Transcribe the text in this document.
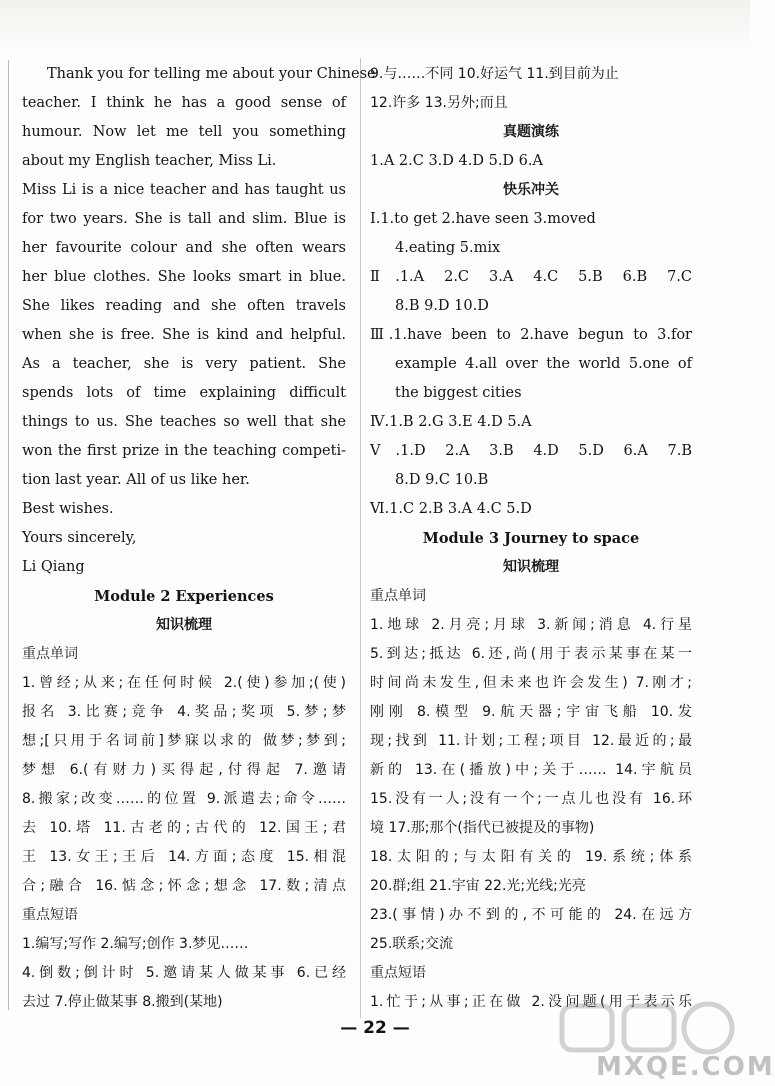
Thank you for telling me about your Chinese
teacher. I think he has a good sense of
humour. Now let me tell you something
about my English teacher, Miss Li.
Miss Li is a nice teacher and has taught us
for two years. She is tall and slim. Blue is
her favourite colour and she often wears
her blue clothes. She looks smart in blue.
She likes reading and she often travels
when she is free. She is kind and helpful.
As a teacher, she is very patient. She
spends lots of time explaining difficult
things to us. She teaches so well that she
won the first prize in the teaching competi-
tion last year. All of us like her.
Best wishes.
Yours sincerely,
Li Qiang
Module 2 Experiences
知识梳理
重点单词
1.曾经;从来;在任何时候 2.(使)参加;(使)
报名 3.比赛;竞争 4.奖品;奖项 5.梦;梦
想;[只用于名词前]梦寐以求的 做梦;梦到;
梦想 6.(有财力)买得起,付得起 7.邀请
8.搬家;改变……的位置 9.派遣去;命令……
去 10.塔 11.古老的;古代的 12.国王;君
王 13.女王;王后 14.方面;态度 15.相混
合;融合 16.惦念;怀念;想念 17.数;清点
重点短语
1.编写;写作 2.编写;创作 3.梦见……
4.倒数;倒计时 5.邀请某人做某事 6.已经
去过 7.停止做某事 8.搬到(某地)
9.与……不同 10.好运气 11.到目前为止
12.许多 13.另外;而且
真题演练
1.A 2.C 3.D 4.D 5.D 6.A
快乐冲关
Ⅰ.1.to get 2.have seen 3.moved
4.eating 5.mix
Ⅱ.1.A 2.C 3.A 4.C 5.B 6.B 7.C
8.B 9.D 10.D
Ⅲ.1.have been to 2.have begun to 3.for
example 4.all over the world 5.one of
the biggest cities
Ⅳ.1.B 2.G 3.E 4.D 5.A
Ⅴ.1.D 2.A 3.B 4.D 5.D 6.A 7.B
8.D 9.C 10.B
Ⅵ.1.C 2.B 3.A 4.C 5.D
Module 3 Journey to space
知识梳理
重点单词
1.地球 2.月亮;月球 3.新闻;消息 4.行星
5.到达;抵达 6.还,尚(用于表示某事在某一
时间尚未发生,但未来也许会发生) 7.刚才;
刚刚 8.模型 9.航天器;宇宙飞船 10.发
现;找到 11.计划;工程;项目 12.最近的;最
新的 13.在(播放)中;关于…… 14.宇航员
15.没有一人;没有一个;一点儿也没有 16.环
境 17.那;那个(指代已被提及的事物)
18.太阳的;与太阳有关的 19.系统;体系
20.群;组 21.宇宙 22.光;光线;光亮
23.(事情)办不到的,不可能的 24.在远方
25.联系;交流
重点短语
1.忙于;从事;正在做 2.没问题(用于表示乐
— 22 —
MXQE.COM
